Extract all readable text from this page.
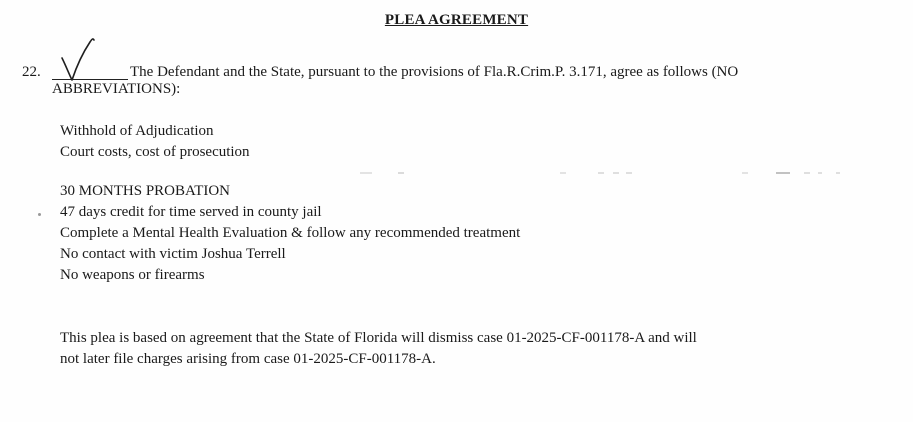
PLEA AGREEMENT
22.	The Defendant and the State, pursuant to the provisions of Fla.R.Crim.P. 3.171, agree as follows (NO
ABBREVIATIONS):
Withhold of Adjudication
Court costs, cost of prosecution
30 MONTHS PROBATION
47 days credit for time served in county jail
Complete a Mental Health Evaluation & follow any recommended treatment
No contact with victim Joshua Terrell
No weapons or firearms
This plea is based on agreement that the State of Florida will dismiss case 01-2025-CF-001178-A and will
not later file charges arising from case 01-2025-CF-001178-A.
